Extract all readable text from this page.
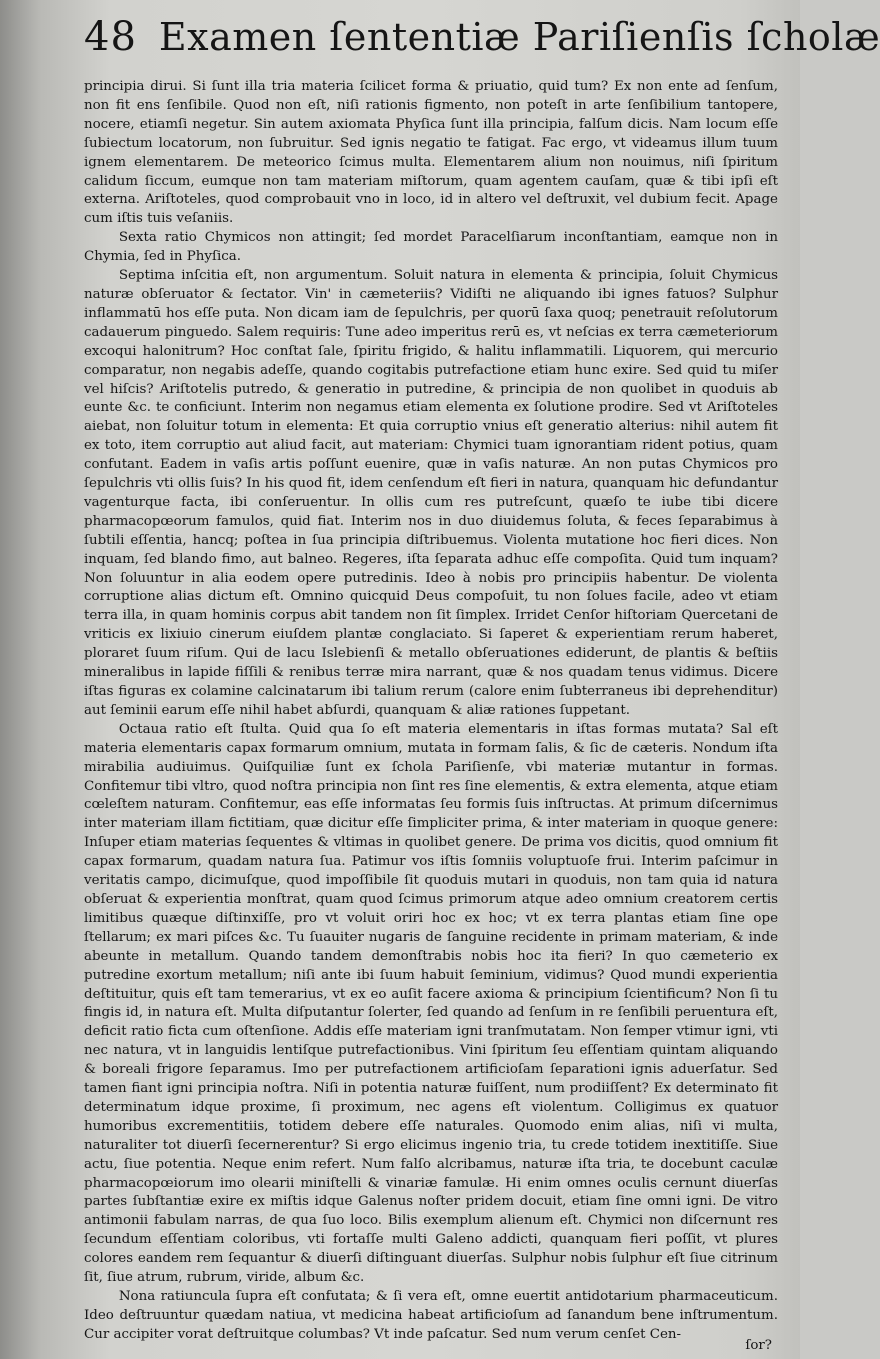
48 Examen ſententiæ Pariſienſis ſcholæ

principia dirui. Si ſunt illa tria materia ſcilicet forma & priuatio, quid tum? Ex non ente ad ſenſum, non fit ens ſenſibile. Quod non eſt, niſi rationis figmento, non poteſt in arte ſenſibilium tantopere, nocere, etiamſi negetur. Sin autem axiomata Phyſica ſunt illa principia, falſum dicis. Nam locum eſſe ſubiectum locatorum, non ſubruitur. Sed ignis negatio te fatigat. Fac ergo, vt videamus illum tuum ignem elementarem. De meteorico ſcimus multa. Elementarem alium non nouimus, niſi ſpiritum calidum ſiccum, eumque non tam materiam miſtorum, quam agentem cauſam, quæ & tibi ipſi eſt externa. Ariſtoteles, quod comprobauit vno in loco, id in altero vel deſtruxit, vel dubium fecit. Apage cum iſtis tuis veſaniis.

Sexta ratio Chymicos non attingit; ſed mordet Paracelſiarum inconſtantiam, eamque non in Chymia, ſed in Phyſica.

Septima inſcitia eſt, non argumentum. Soluit natura in elementa & principia, ſoluit Chymicus naturæ obſeruator & ſectator. Vin' in cæmeteriis? Vidiſti ne aliquando ibi ignes fatuos? Sulphur inflammatū hos eſſe puta. Non dicam iam de ſepulchris, per quorū ſaxa quoq; penetrauit reſolutorum cadauerum pinguedo. Salem requiris: Tune adeo imperitus rerū es, vt neſcias ex terra cæmeteriorum excoqui halonitrum? Hoc conſtat ſale, ſpiritu frigido, & halitu inflammatili. Liquorem, qui mercurio comparatur, non negabis adeſſe, quando cogitabis putrefactione etiam hunc exire. Sed quid tu miſer vel hiſcis? Ariſtotelis putredo, & generatio in putredine, & principia de non quolibet in quoduis ab eunte &c. te conficiunt. Interim non negamus etiam elementa ex ſolutione prodire. Sed vt Ariſtoteles aiebat, non ſoluitur totum in elementa: Et quia corruptio vnius eſt generatio alterius: nihil autem fit ex toto, item corruptio aut aliud facit, aut materiam: Chymici tuam ignorantiam rident potius, quam confutant. Eadem in vaſis artis poſſunt euenire, quæ in vaſis naturæ. An non putas Chymicos pro ſepulchris vti ollis ſuis? In his quod fit, idem cenſendum eſt fieri in natura, quanquam hic defundantur vagenturque facta, ibi conſeruentur. In ollis cum res putreſcunt, quæſo te iube tibi dicere pharmacopœorum famulos, quid fiat. Interim nos in duo diuidemus ſoluta, & feces ſeparabimus à ſubtili eſſentia, hancq; poſtea in ſua principia diſtribuemus. Violenta mutatione hoc fieri dices. Non inquam, ſed blando fimo, aut balneo. Regeres, iſta ſeparata adhuc eſſe compoſita. Quid tum inquam? Non ſoluuntur in alia eodem opere putredinis. Ideo à nobis pro principiis habentur. De violenta corruptione alias dictum eſt. Omnino quicquid Deus compoſuit, tu non ſolues facile, adeo vt etiam terra illa, in quam hominis corpus abit tandem non ſit ſimplex. Irridet Cenſor hiſtoriam Quercetani de vriticis ex lixiuio cinerum eiuſdem plantæ conglaciato. Si ſaperet & experientiam rerum haberet, ploraret ſuum riſum. Qui de lacu Islebienſi & metallo obſeruationes ediderunt, de plantis & beſtiis mineralibus in lapide fiſſili & renibus terræ mira narrant, quæ & nos quadam tenus vidimus. Dicere iſtas figuras ex colamine calcinatarum ibi talium rerum (calore enim ſubterraneus ibi deprehenditur) aut ſeminii earum eſſe nihil habet abſurdi, quanquam & aliæ rationes ſuppetant.

Octaua ratio eſt ſtulta. Quid qua ſo eſt materia elementaris in iſtas formas mutata? Sal eſt materia elementaris capax formarum omnium, mutata in formam ſalis, & ſic de cæteris. Nondum iſta mirabilia audiuimus. Quiſquiliæ ſunt ex ſchola Pariſienſe, vbi materiæ mutantur in formas. Confitemur tibi vltro, quod noſtra principia non ſint res ſine elementis, & extra elementa, atque etiam cœleſtem naturam. Confitemur, eas eſſe informatas ſeu formis ſuis inſtructas. At primum diſcernimus inter materiam illam fictitiam, quæ dicitur eſſe ſimpliciter prima, & inter materiam in quoque genere: Inſuper etiam materias ſequentes & vltimas in quolibet genere. De prima vos dicitis, quod omnium fit capax formarum, quadam natura ſua. Patimur vos iſtis ſomniis voluptuoſe frui. Interim paſcimur in veritatis campo, dicimuſque, quod impoſſibile ſit quoduis mutari in quoduis, non tam quia id natura obſeruat & experientia monſtrat, quam quod ſcimus primorum atque adeo omnium creatorem certis limitibus quæque diſtinxiſſe, pro vt voluit oriri hoc ex hoc; vt ex terra plantas etiam ſine ope ſtellarum; ex mari piſces &c. Tu ſuauiter nugaris de ſanguine recidente in primam materiam, & inde abeunte in metallum. Quando tandem demonſtrabis nobis hoc ita fieri? In quo cæmeterio ex putredine exortum metallum; niſi ante ibi ſuum habuit ſeminium, vidimus? Quod mundi experientia deſtituitur, quis eſt tam temerarius, vt ex eo auſit facere axioma & principium ſcientificum? Non ſi tu fingis id, in natura eſt. Multa diſputantur ſolerter, ſed quando ad ſenſum in re ſenſibili peruentura eſt, deficit ratio ficta cum oſtenſione. Addis eſſe materiam igni tranſmutatam. Non ſemper vtimur igni, vti nec natura, vt in languidis lentiſque putrefactionibus. Vini ſpiritum ſeu eſſentiam quintam aliquando & boreali frigore ſeparamus. Imo per putrefactionem artificioſam ſeparationi ignis aduerſatur. Sed tamen fiant igni principia noſtra. Niſi in potentia naturæ fuiſſent, num prodiiſſent? Ex determinato fit determinatum idque proxime, ſi proximum, nec agens eſt violentum. Colligimus ex quatuor humoribus excrementitiis, totidem debere eſſe naturales. Quomodo enim alias, niſi vi multa, naturaliter tot diuerſi ſecernerentur? Si ergo elicimus ingenio tria, tu crede totidem inextitiſſe. Siue actu, ſiue potentia. Neque enim refert. Num falſo alcribamus, naturæ iſta tria, te docebunt caculæ pharmacopœiorum imo olearii miniſtelli & vinariæ famulæ. Hi enim omnes oculis cernunt diuerſas partes ſubſtantiæ exire ex miſtis idque Galenus noſter pridem docuit, etiam ſine omni igni. De vitro antimonii fabulam narras, de qua ſuo loco. Bilis exemplum alienum eſt. Chymici non diſcernunt res ſecundum eſſentiam coloribus, vti fortaſſe multi Galeno addicti, quanquam fieri poſſit, vt plures colores eandem rem ſequantur & diuerſi diſtinguant diuerſas. Sulphur nobis ſulphur eſt ſiue citrinum ſit, ſiue atrum, rubrum, viride, album &c.

Nona ratiuncula ſupra eſt confutata; & ſi vera eſt, omne euertit antidotarium pharmaceuticum. Ideo deſtruuntur quædam natiua, vt medicina habeat artificioſum ad ſanandum bene inſtrumentum. Cur accipiter vorat deſtruitque columbas? Vt inde paſcatur. Sed num verum cenſet Cen-

ſor?
